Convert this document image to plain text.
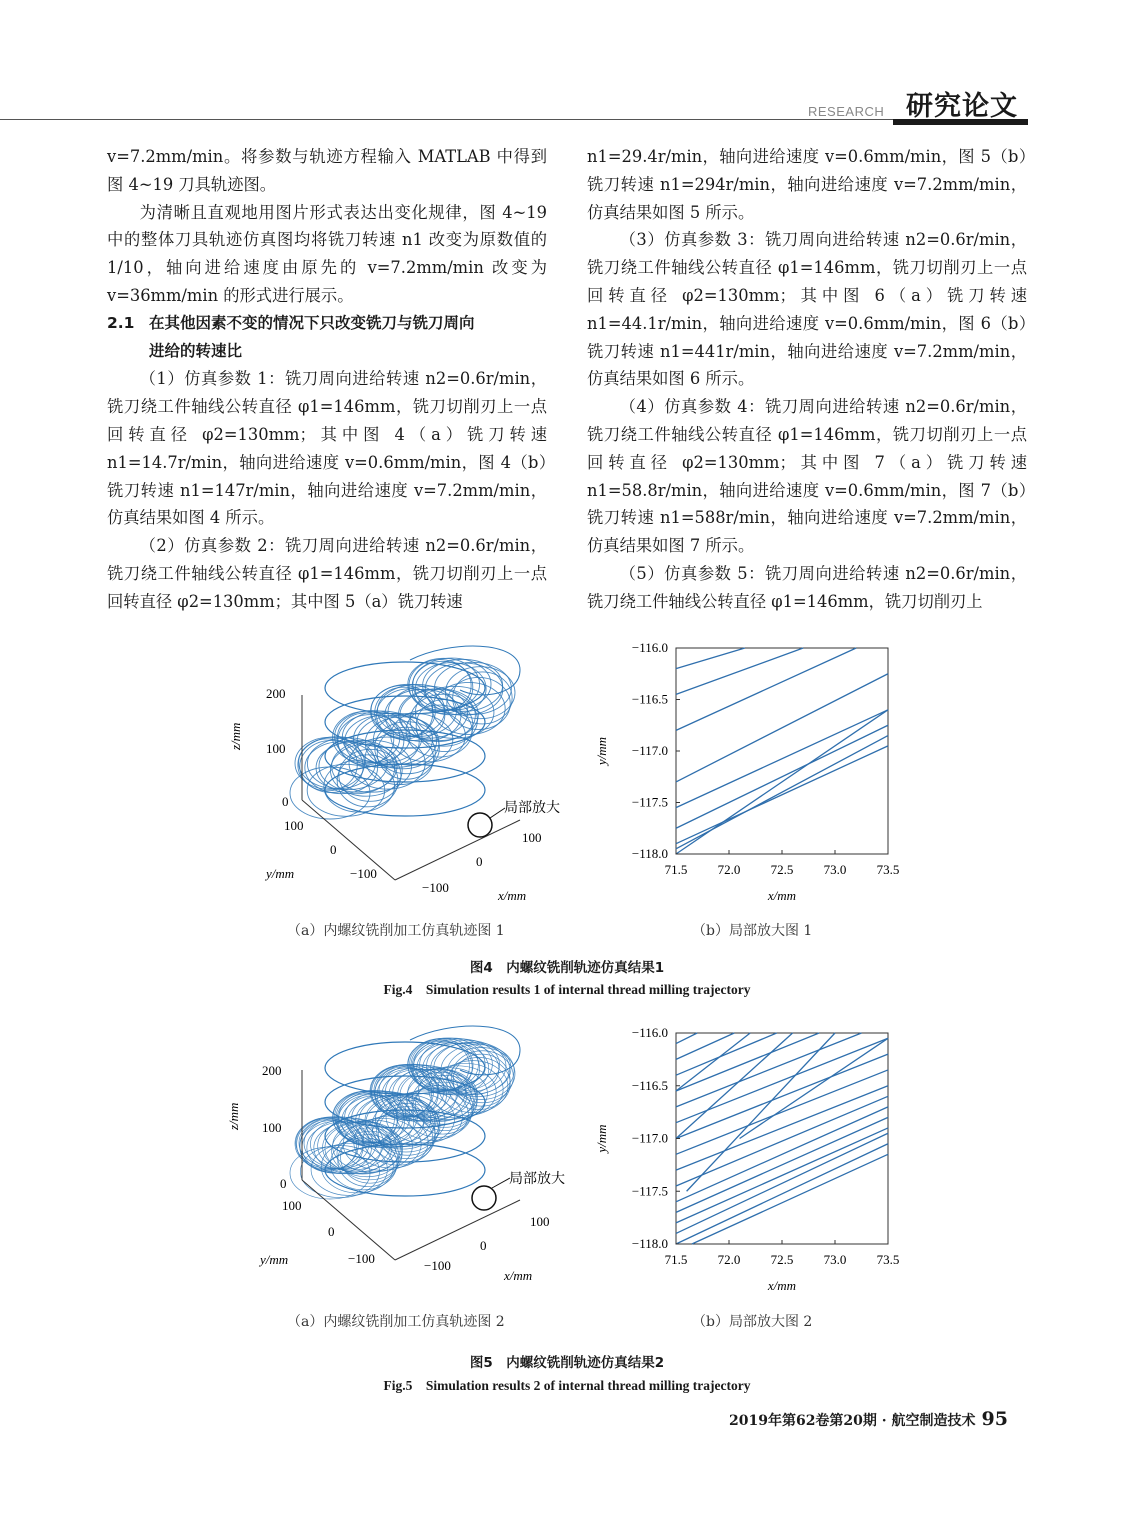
RESEARCH 研究论文

v=7.2mm/min。将参数与轨迹方程输入 MATLAB 中得到图 4~19 刀具轨迹图。

为清晰且直观地用图片形式表达出变化规律，图 4~19 中的整体刀具轨迹仿真图均将铣刀转速 n1 改变为原数值的 1/10，轴向进给速度由原先的 v=7.2mm/min 改变为 v=36mm/min 的形式进行展示。

2.1 在其他因素不变的情况下只改变铣刀与铣刀周向
进给的转速比

（1）仿真参数 1：铣刀周向进给转速 n2=0.6r/min，铣刀绕工件轴线公转直径 φ1=146mm，铣刀切削刃上一点回转直径 φ2=130mm；其中图 4（a）铣刀转速 n1=14.7r/min，轴向进给速度 v=0.6mm/min，图 4（b）铣刀转速 n1=147r/min，轴向进给速度 v=7.2mm/min，仿真结果如图 4 所示。

（2）仿真参数 2：铣刀周向进给转速 n2=0.6r/min，铣刀绕工件轴线公转直径 φ1=146mm，铣刀切削刃上一点回转直径 φ2=130mm；其中图 5（a）铣刀转速

n1=29.4r/min，轴向进给速度 v=0.6mm/min，图 5（b）铣刀转速 n1=294r/min，轴向进给速度 v=7.2mm/min，仿真结果如图 5 所示。

（3）仿真参数 3：铣刀周向进给转速 n2=0.6r/min，铣刀绕工件轴线公转直径 φ1=146mm，铣刀切削刃上一点回转直径 φ2=130mm；其中图 6（a）铣刀转速 n1=44.1r/min，轴向进给速度 v=0.6mm/min，图 6（b）铣刀转速 n1=441r/min，轴向进给速度 v=7.2mm/min，仿真结果如图 6 所示。

（4）仿真参数 4：铣刀周向进给转速 n2=0.6r/min，铣刀绕工件轴线公转直径 φ1=146mm，铣刀切削刃上一点回转直径 φ2=130mm；其中图 7（a）铣刀转速 n1=58.8r/min，轴向进给速度 v=0.6mm/min，图 7（b）铣刀转速 n1=588r/min，轴向进给速度 v=7.2mm/min，仿真结果如图 7 所示。

（5）仿真参数 5：铣刀周向进给转速 n2=0.6r/min，铣刀绕工件轴线公转直径 φ1=146mm，铣刀切削刃上

200
100
0
z/mm
100
0
−100
y/mm
100
0
−100
x/mm
局部放大
71.5 72.0 72.5 73.0 73.5
−116.0
−116.5
−117.0
−117.5
−118.0
x/mm
y/mm
（a）内螺纹铣削加工仿真轨迹图 1	（b）局部放大图 1
图4　内螺纹铣削轨迹仿真结果1
Fig.4　Simulation results 1 of internal thread milling trajectory
200
100
0
z/mm
100
0
−100
y/mm
100
0
−100
x/mm
局部放大
71.5 72.0 72.5 73.0 73.5
−116.0
−116.5
−117.0
−117.5
−118.0
x/mm
y/mm
（a）内螺纹铣削加工仿真轨迹图 2	（b）局部放大图 2
图5　内螺纹铣削轨迹仿真结果2
Fig.5　Simulation results 2 of internal thread milling trajectory
2019年第62卷第20期 · 航空制造技术 95
